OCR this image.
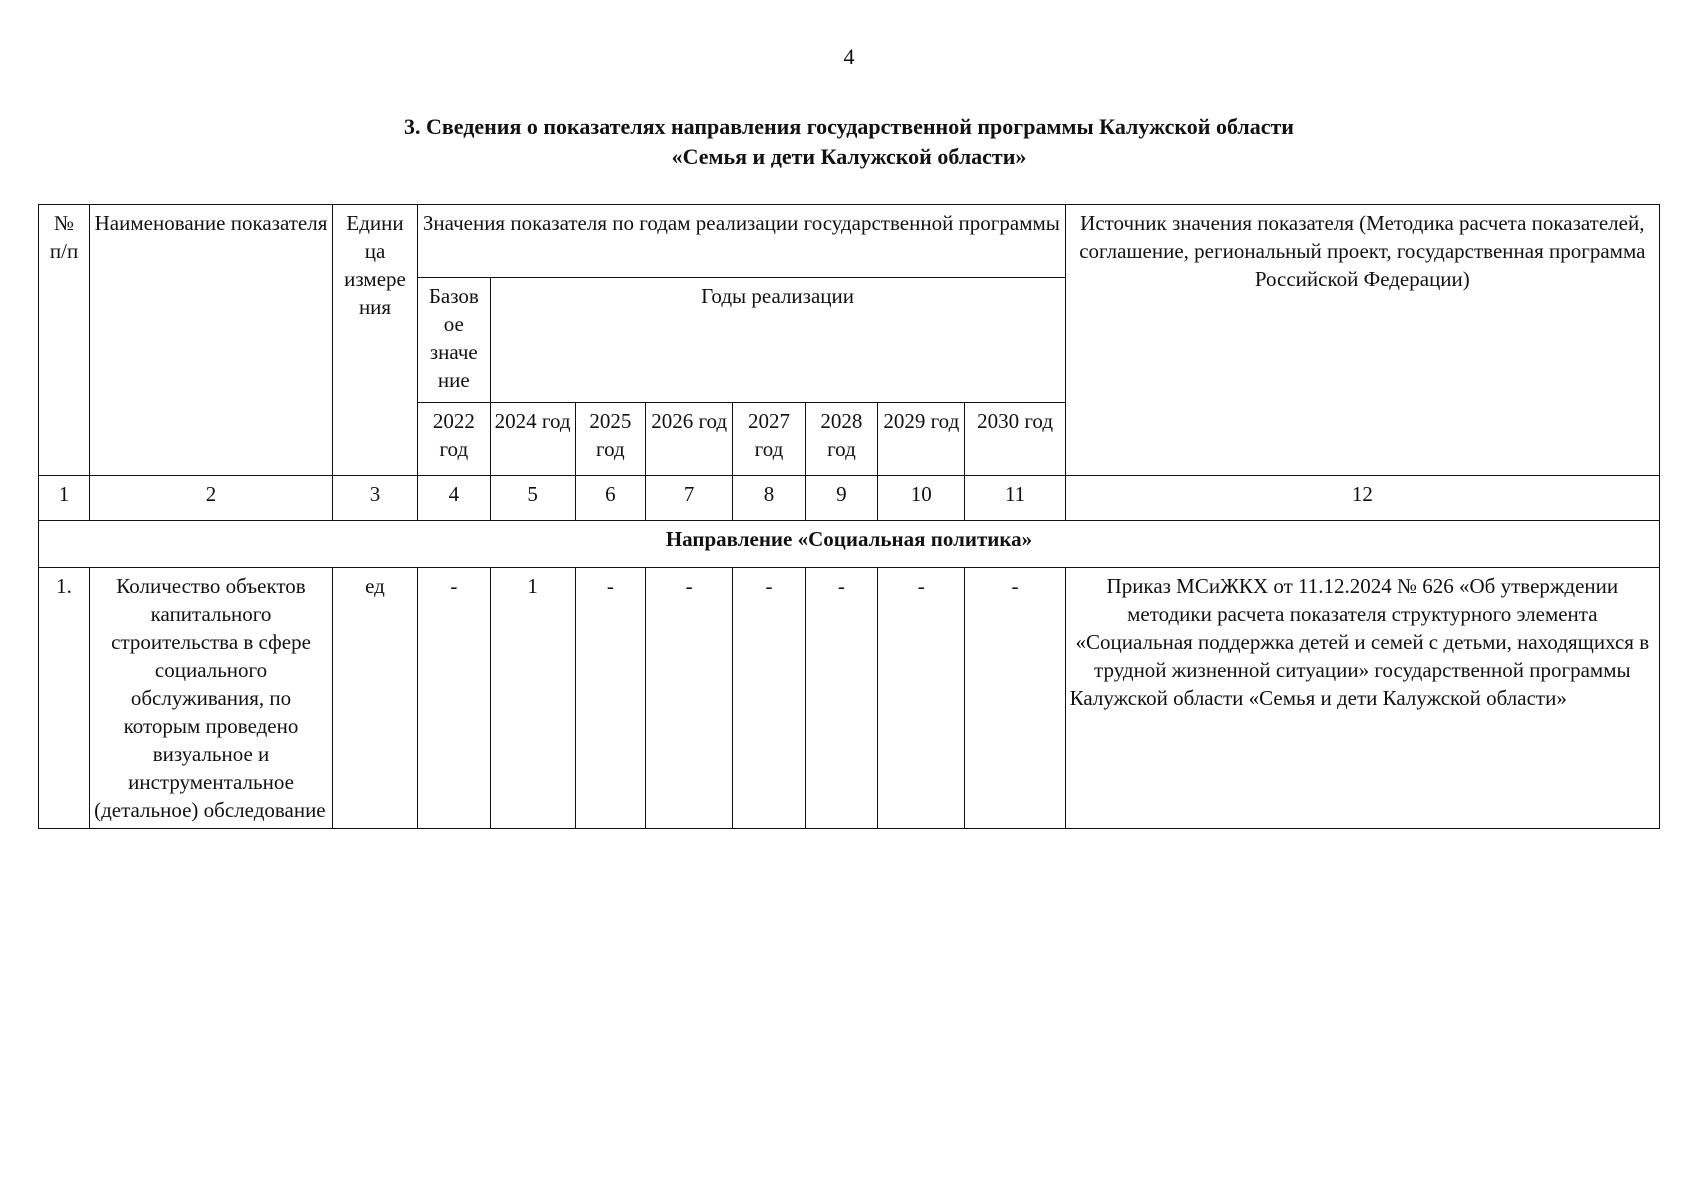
4
3. Сведения о показателях направления государственной программы Калужской области
«Семья и дети Калужской области»
№ п/п	Наименование показателя	Едини ца измере ния	Значения показателя по годам реализации государственной программы								Источник значения показателя (Методика расчета показателей, соглашение, региональный проект, государственная программа Российской Федерации)
			Базов ое значе ние	Годы реализации							
			2022 год	2024 год	2025 год	2026 год	2027 год	2028 год	2029 год	2030 год	
1	2	3	4	5	6	7	8	9	10	11	12
Направление «Социальная политика»											
1.	Количество объектов капитального строительства в сфере социального обслуживания, по которым проведено визуальное и инструментальное (детальное) обследование	ед	-	1	-	-	-	-	-	-	Приказ МСиЖКХ от 11.12.2024 № 626 «Об утверждении методики расчета показателя структурного элемента «Социальная поддержка детей и семей с детьми, находящихся в трудной жизненной ситуации» государственной программы Калужской области «Семья и дети Калужской области»
